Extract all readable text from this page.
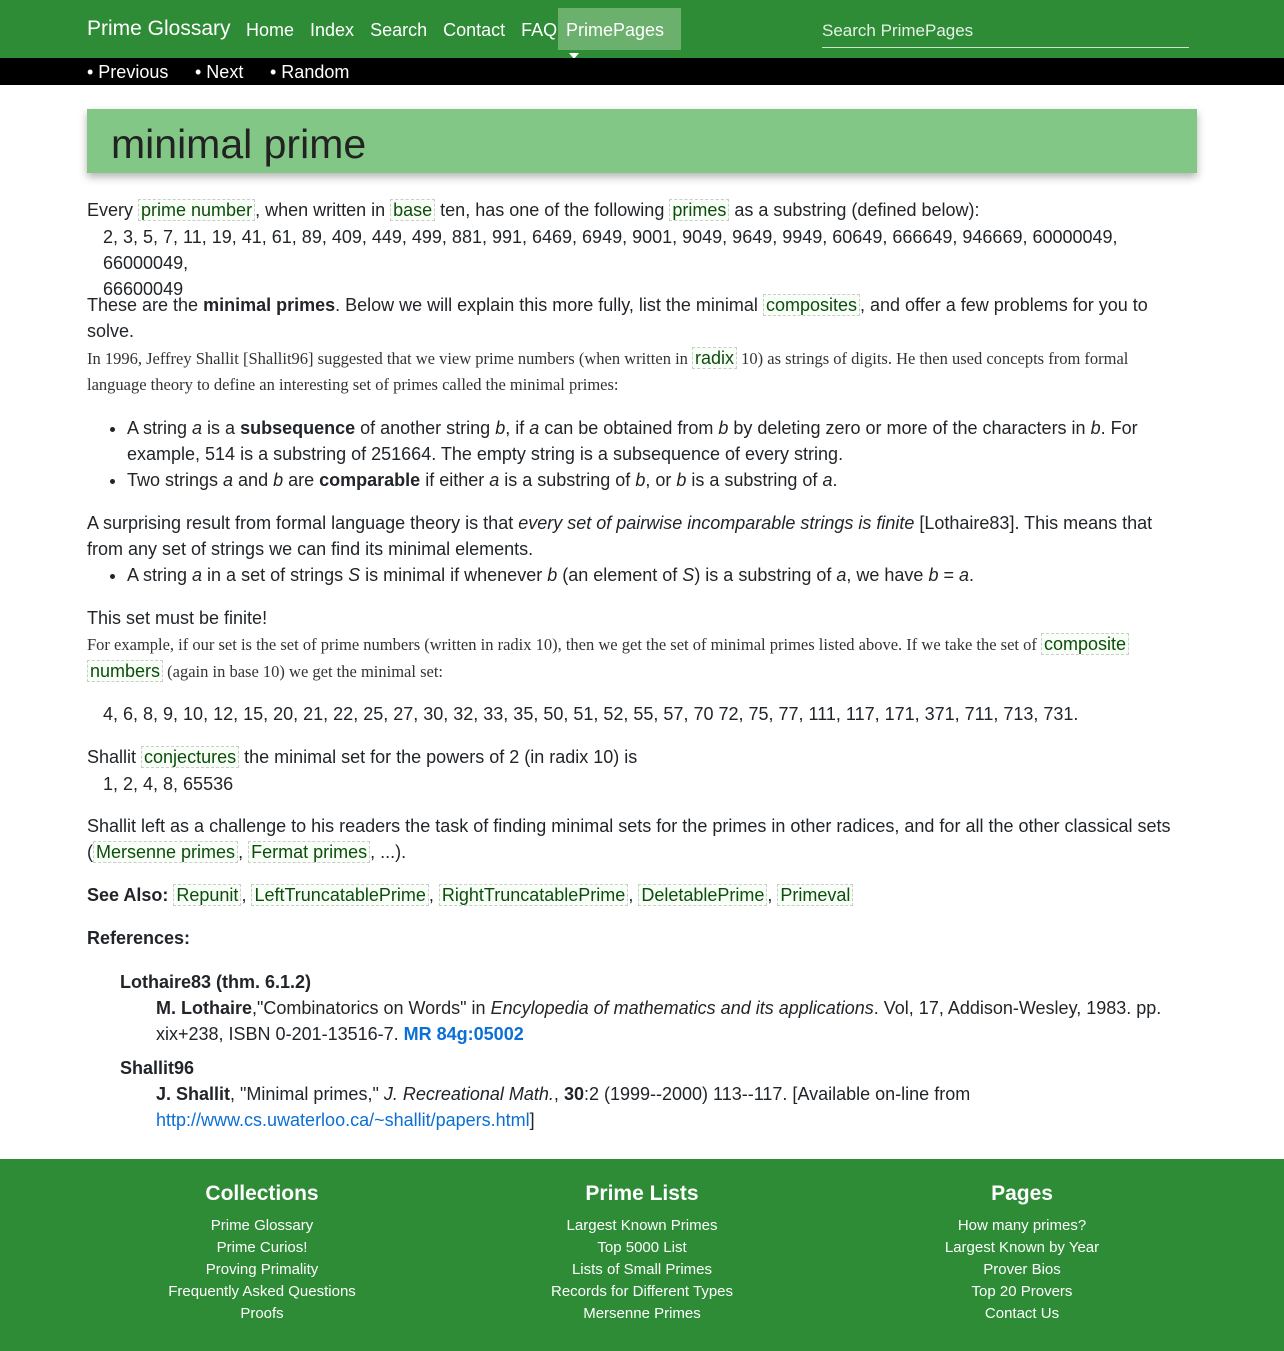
Prime Glossary Home Index Search Contact FAQ PrimePages	Search PrimePages
• Previous • Next • Random
minimal prime
Every prime number , when written in base ten, has one of the following primes as a substring (defined below):
2, 3, 5, 7, 11, 19, 41, 61, 89, 409, 449, 499, 881, 991, 6469, 6949, 9001, 9049, 9649, 9949, 60649, 666649, 946669, 60000049, 66000049,
66600049
These are the minimal primes. Below we will explain this more fully, list the minimal composites , and offer a few problems for you to
solve.
In 1996, Jeffrey Shallit [Shallit96] suggested that we view prime numbers (when written in radix 10) as strings of digits. He then used concepts from formal
language theory to define an interesting set of primes called the minimal primes:
• A string a is a subsequence of another string b, if a can be obtained from b by deleting zero or more of the characters in b. For
example, 514 is a substring of 251664. The empty string is a subsequence of every string.
• Two strings a and b are comparable if either a is a substring of b, or b is a substring of a.
A surprising result from formal language theory is that every set of pairwise incomparable strings is finite [Lothaire83]. This means that
from any set of strings we can find its minimal elements.
• A string a in a set of strings S is minimal if whenever b (an element of S) is a substring of a, we have b = a.
This set must be finite!
For example, if our set is the set of prime numbers (written in radix 10), then we get the set of minimal primes listed above. If we take the set of composite
numbers (again in base 10) we get the minimal set:
4, 6, 8, 9, 10, 12, 15, 20, 21, 22, 25, 27, 30, 32, 33, 35, 50, 51, 52, 55, 57, 70 72, 75, 77, 111, 117, 171, 371, 711, 713, 731.
Shallit conjectures the minimal set for the powers of 2 (in radix 10) is
1, 2, 4, 8, 65536
Shallit left as a challenge to his readers the task of finding minimal sets for the primes in other radices, and for all the other classical sets
( Mersenne primes , Fermat primes , ...).
See Also: Repunit , LeftTruncatablePrime , RightTruncatablePrime , DeletablePrime , Primeval
References:
Lothaire83 (thm. 6.1.2)
M. Lothaire,"Combinatorics on Words" in Encylopedia of mathematics and its applications. Vol, 17, Addison-Wesley, 1983. pp.
xix+238, ISBN 0-201-13516-7. MR 84g:05002
Shallit96
J. Shallit, "Minimal primes," J. Recreational Math., 30:2 (1999--2000) 113--117. [Available on-line from
http://www.cs.uwaterloo.ca/~shallit/papers.html]
Collections
Prime Glossary
Prime Curios!
Proving Primality
Frequently Asked Questions
Proofs
Prime Lists
Largest Known Primes
Top 5000 List
Lists of Small Primes
Records for Different Types
Mersenne Primes
Pages
How many primes?
Largest Known by Year
Prover Bios
Top 20 Provers
Contact Us
